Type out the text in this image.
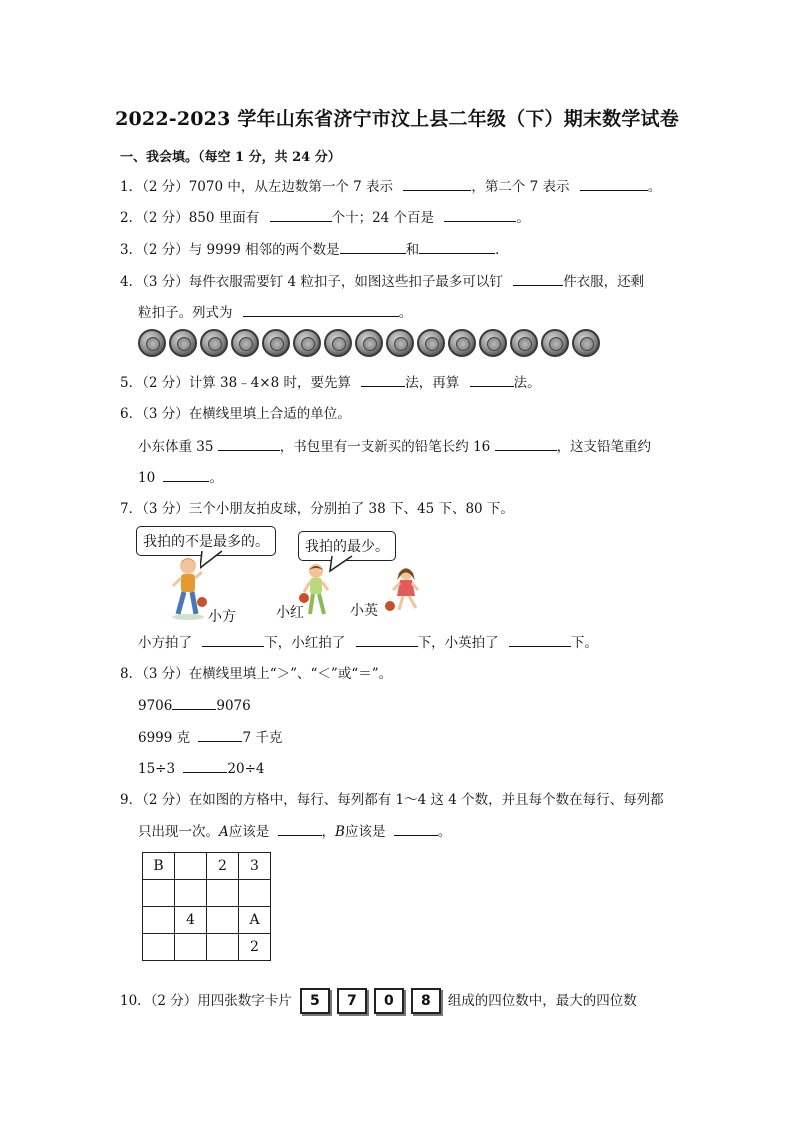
2022-2023 学年山东省济宁市汶上县二年级（下）期末数学试卷
一、我会填。（每空 1 分，共 24 分）
1．（2 分）7070 中，从左边数第一个 7 表示	，第二个 7 表示	。
2．（2 分）850 里面有	个十；24 个百是	。
3．（2 分）与 9999 相邻的两个数是	和	．
4．（3 分）每件衣服需要钉 4 粒扣子，如图这些扣子最多可以钉	件衣服，还剩
粒扣子。列式为	。
5．（2 分）计算 38﹣4×8 时，要先算	法，再算	法。
6．（3 分）在横线里填上合适的单位。
小东体重 35	，书包里有一支新买的铅笔长约 16	，这支铅笔重约
10	。
7．（3 分）三个小朋友拍皮球，分别拍了 38 下、45 下、80 下。
我拍的不是最多的。	我拍的最少。
小方	小红	小英
小方拍了	下，小红拍了	下，小英拍了	下。
8．（3 分）在横线里填上“＞”、“＜”或“＝”。
9706	9076
6999 克	7 千克
15÷3	20÷4
9．（2 分）在如图的方格中，每行、每列都有 1～4 这 4 个数，并且每个数在每行、每列都
只出现一次。A应该是	，B应该是	。
B		2	3

	4		A
			2
10．（2 分）用四张数字卡片	5	7	0	8	组成的四位数中，最大的四位数
